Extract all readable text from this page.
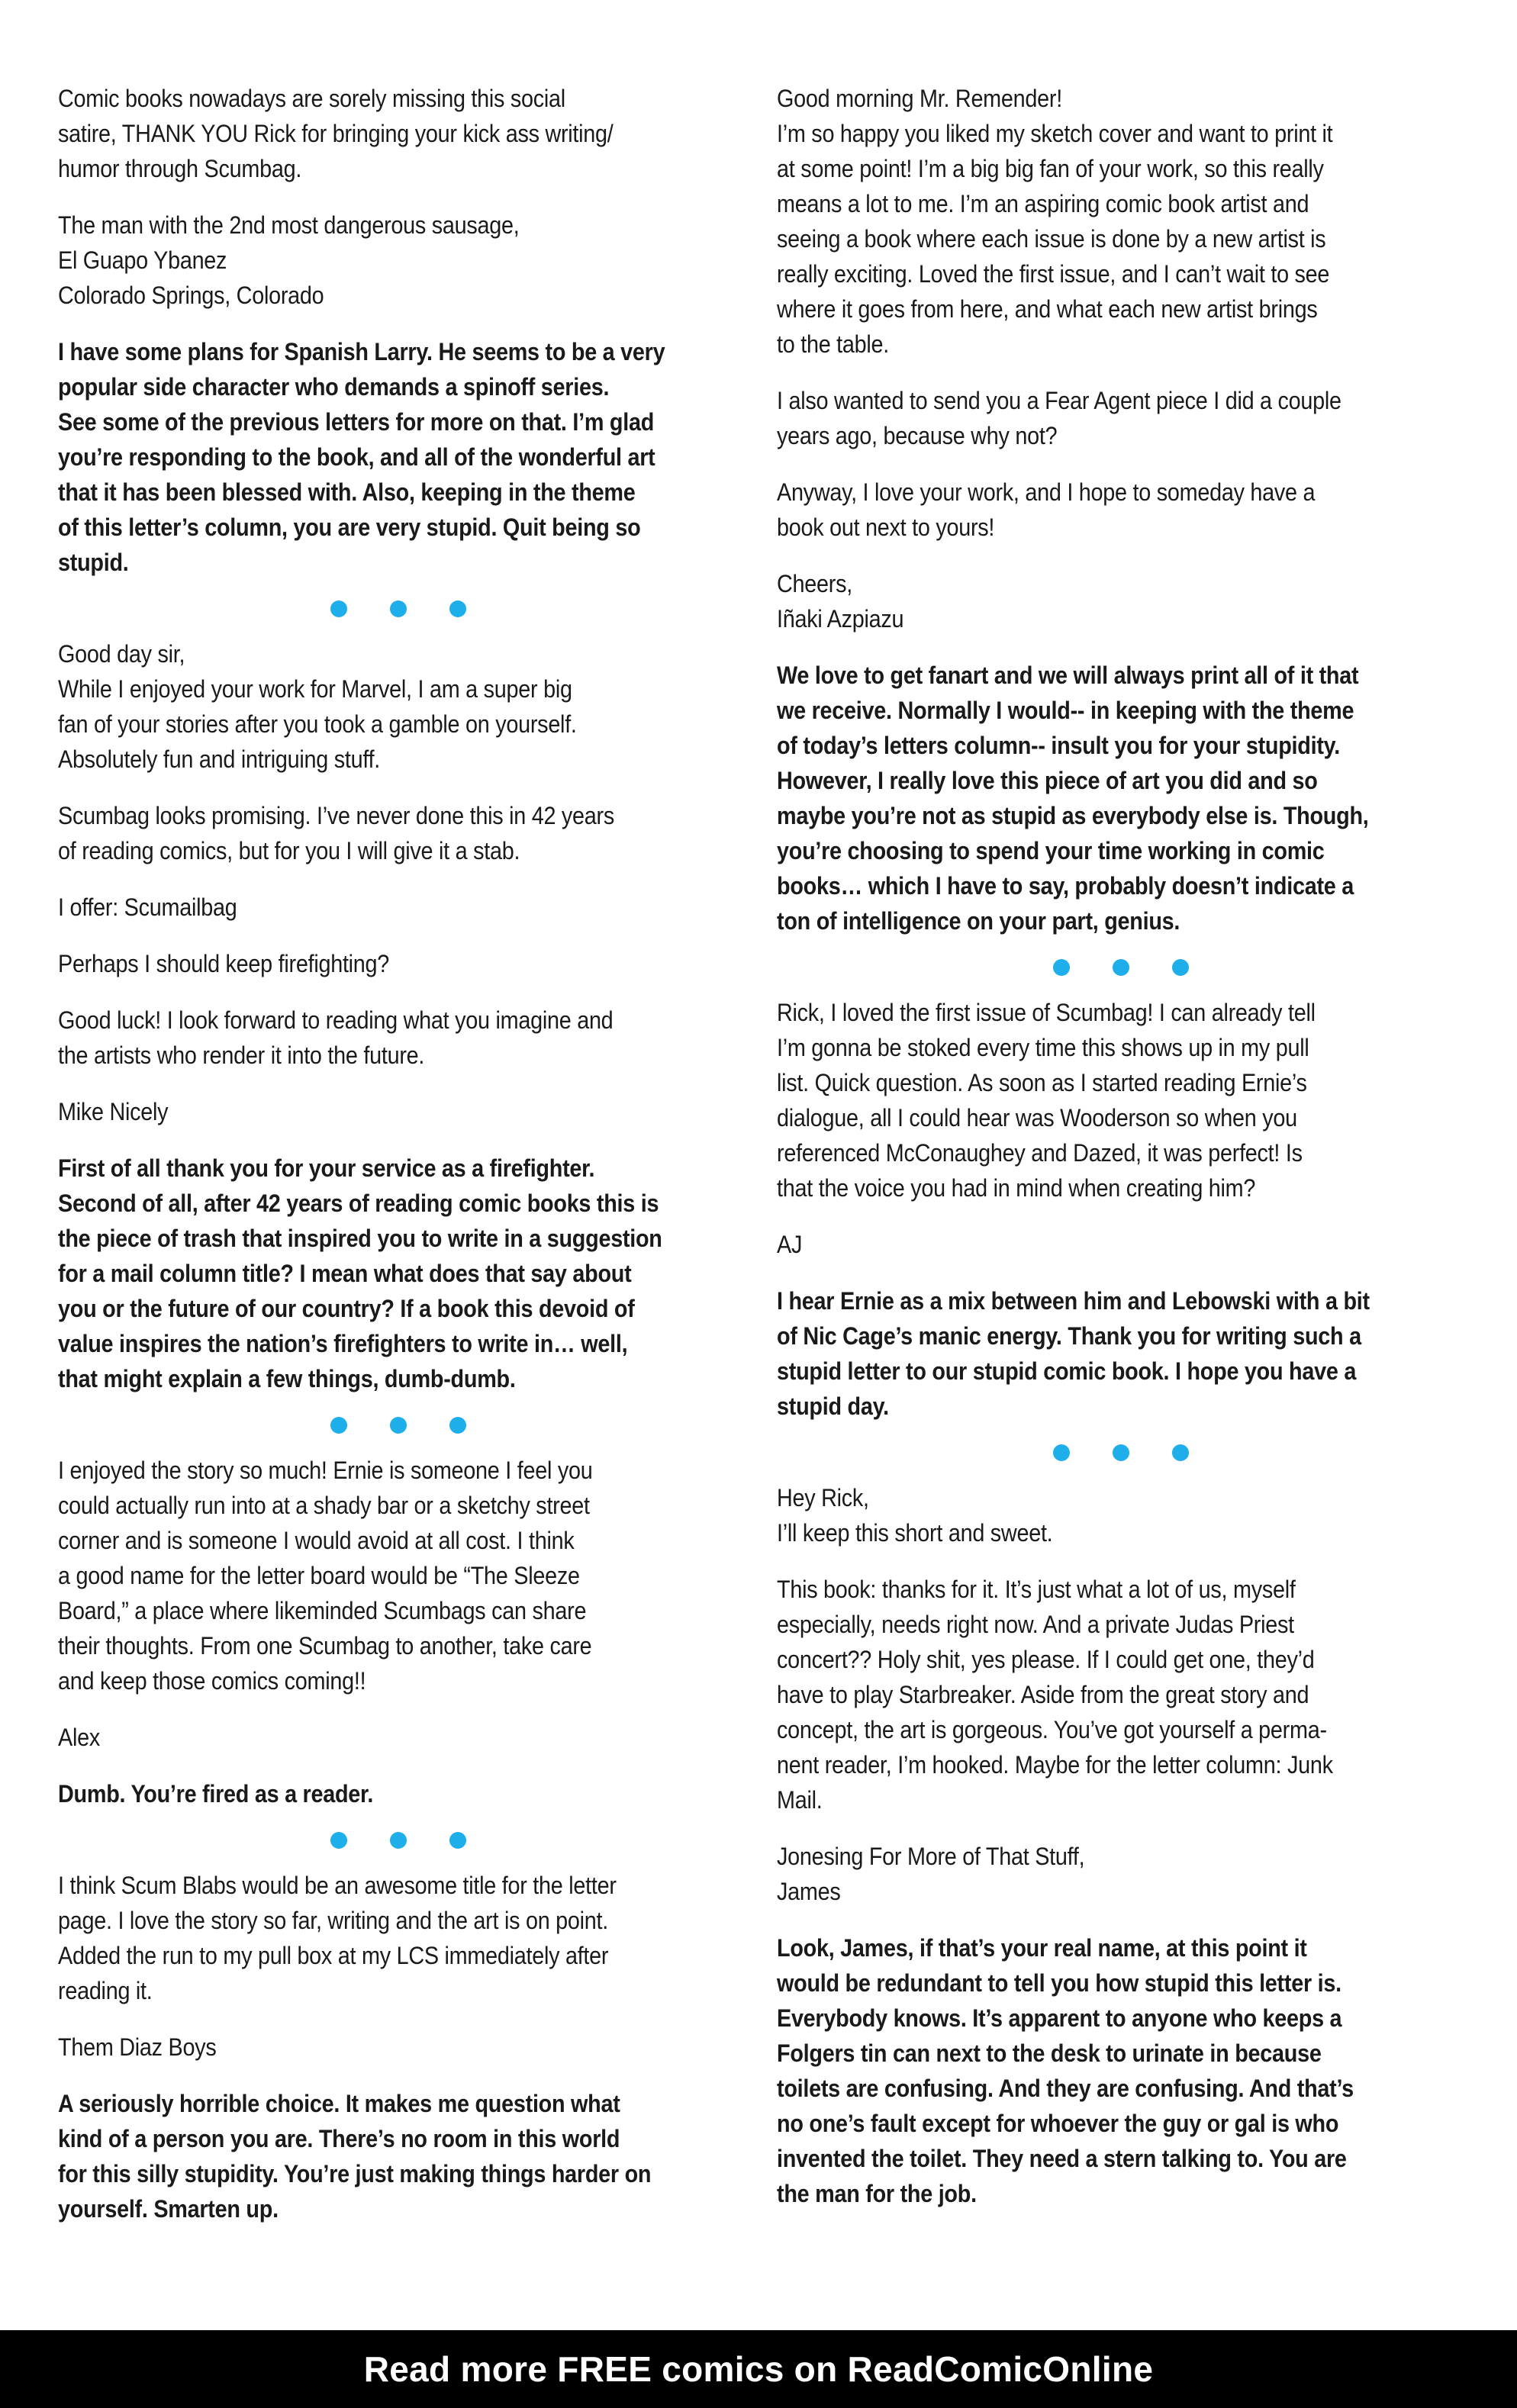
Comic books nowadays are sorely missing this social
satire, THANK YOU Rick for bringing your kick ass writing/
humor through Scumbag.

The man with the 2nd most dangerous sausage,
El Guapo Ybanez
Colorado Springs, Colorado

I have some plans for Spanish Larry. He seems to be a very
popular side character who demands a spinoff series.
See some of the previous letters for more on that. I’m glad
you’re responding to the book, and all of the wonderful art
that it has been blessed with. Also, keeping in the theme
of this letter’s column, you are very stupid. Quit being so
stupid.

Good day sir,
While I enjoyed your work for Marvel, I am a super big
fan of your stories after you took a gamble on yourself.
Absolutely fun and intriguing stuff.

Scumbag looks promising. I’ve never done this in 42 years
of reading comics, but for you I will give it a stab.

I offer: Scumailbag

Perhaps I should keep firefighting?

Good luck! I look forward to reading what you imagine and
the artists who render it into the future.

Mike Nicely

First of all thank you for your service as a firefighter.
Second of all, after 42 years of reading comic books this is
the piece of trash that inspired you to write in a suggestion
for a mail column title? I mean what does that say about
you or the future of our country? If a book this devoid of
value inspires the nation’s firefighters to write in… well,
that might explain a few things, dumb-dumb.

I enjoyed the story so much! Ernie is someone I feel you
could actually run into at a shady bar or a sketchy street
corner and is someone I would avoid at all cost. I think
a good name for the letter board would be “The Sleeze
Board,” a place where likeminded Scumbags can share
their thoughts. From one Scumbag to another, take care
and keep those comics coming!!

Alex

Dumb. You’re fired as a reader.

I think Scum Blabs would be an awesome title for the letter
page. I love the story so far, writing and the art is on point.
Added the run to my pull box at my LCS immediately after
reading it.

Them Diaz Boys

A seriously horrible choice. It makes me question what
kind of a person you are. There’s no room in this world
for this silly stupidity. You’re just making things harder on
yourself. Smarten up.

Good morning Mr. Remender!
I’m so happy you liked my sketch cover and want to print it
at some point! I’m a big big fan of your work, so this really
means a lot to me. I’m an aspiring comic book artist and
seeing a book where each issue is done by a new artist is
really exciting. Loved the first issue, and I can’t wait to see
where it goes from here, and what each new artist brings
to the table.

I also wanted to send you a Fear Agent piece I did a couple
years ago, because why not?

Anyway, I love your work, and I hope to someday have a
book out next to yours!

Cheers,
Iñaki Azpiazu

We love to get fanart and we will always print all of it that
we receive. Normally I would-- in keeping with the theme
of today’s letters column-- insult you for your stupidity.
However, I really love this piece of art you did and so
maybe you’re not as stupid as everybody else is. Though,
you’re choosing to spend your time working in comic
books… which I have to say, probably doesn’t indicate a
ton of intelligence on your part, genius.

Rick, I loved the first issue of Scumbag! I can already tell
I’m gonna be stoked every time this shows up in my pull
list. Quick question. As soon as I started reading Ernie’s
dialogue, all I could hear was Wooderson so when you
referenced McConaughey and Dazed, it was perfect! Is
that the voice you had in mind when creating him?

AJ

I hear Ernie as a mix between him and Lebowski with a bit
of Nic Cage’s manic energy. Thank you for writing such a
stupid letter to our stupid comic book. I hope you have a
stupid day.

Hey Rick,
I’ll keep this short and sweet.

This book: thanks for it. It’s just what a lot of us, myself
especially, needs right now. And a private Judas Priest
concert?? Holy shit, yes please. If I could get one, they’d
have to play Starbreaker. Aside from the great story and
concept, the art is gorgeous. You’ve got yourself a perma-
nent reader, I’m hooked. Maybe for the letter column: Junk
Mail.

Jonesing For More of That Stuff,
James

Look, James, if that’s your real name, at this point it
would be redundant to tell you how stupid this letter is.
Everybody knows. It’s apparent to anyone who keeps a
Folgers tin can next to the desk to urinate in because
toilets are confusing. And they are confusing. And that’s
no one’s fault except for whoever the guy or gal is who
invented the toilet. They need a stern talking to. You are
the man for the job.

Read more FREE comics on ReadComicOnline
